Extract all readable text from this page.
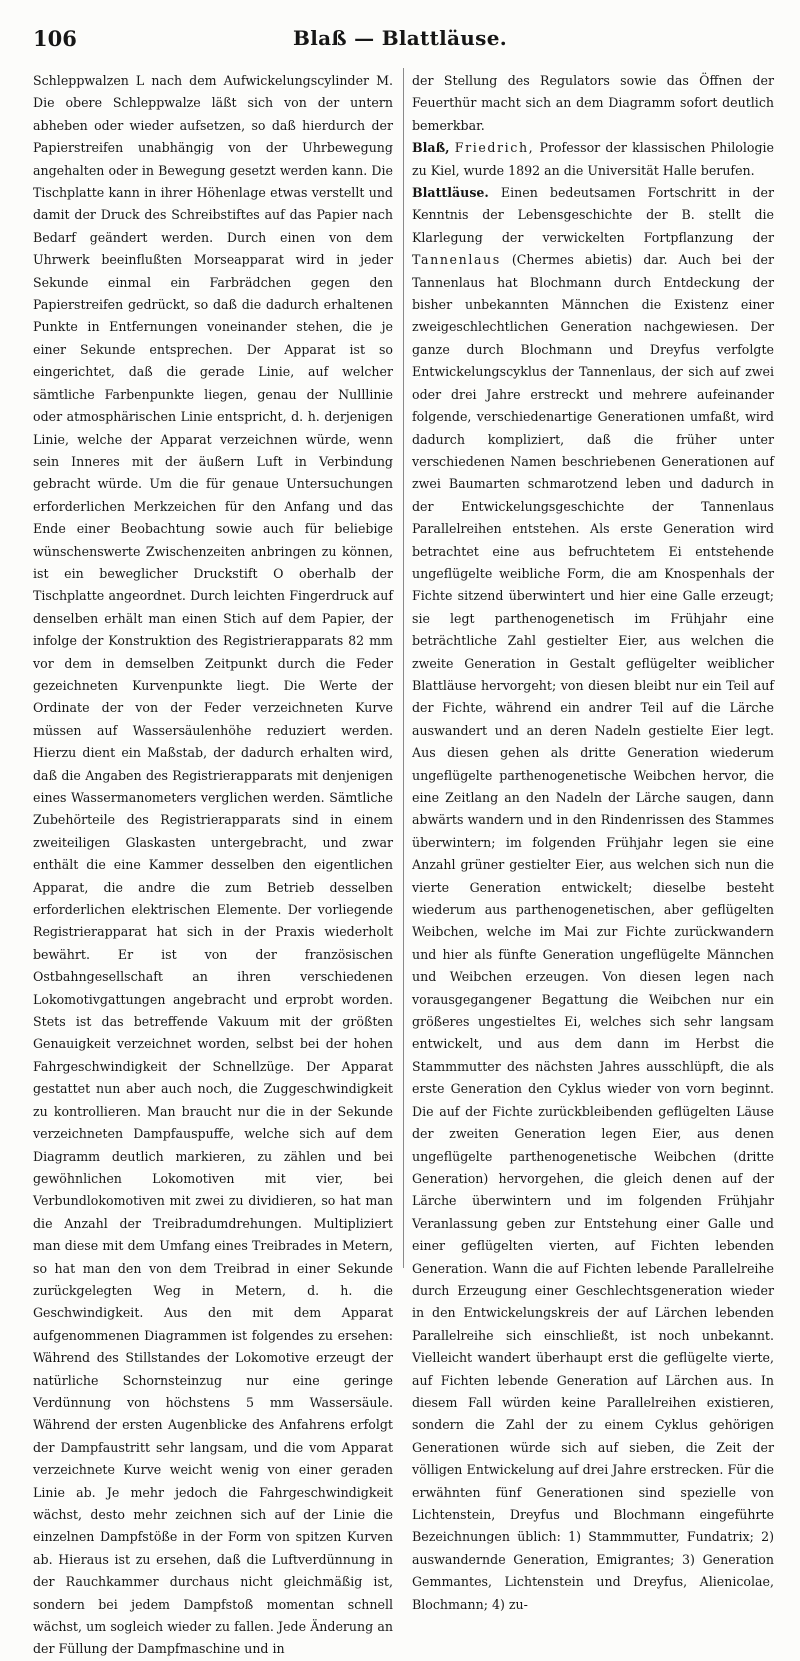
106	Blaß — Blattläuse.

Schleppwalzen L nach dem Aufwickelungscylinder M. Die obere Schleppwalze läßt sich von der untern abheben oder wieder aufsetzen, so daß hierdurch der Papierstreifen unabhängig von der Uhrbewegung angehalten oder in Bewegung gesetzt werden kann. Die Tischplatte kann in ihrer Höhenlage etwas verstellt und damit der Druck des Schreibstiftes auf das Papier nach Bedarf geändert werden. Durch einen von dem Uhrwerk beeinflußten Morseapparat wird in jeder Sekunde einmal ein Farbrädchen gegen den Papierstreifen gedrückt, so daß die dadurch erhaltenen Punkte in Entfernungen voneinander stehen, die je einer Sekunde entsprechen. Der Apparat ist so eingerichtet, daß die gerade Linie, auf welcher sämtliche Farbenpunkte liegen, genau der Nulllinie oder atmosphärischen Linie entspricht, d. h. derjenigen Linie, welche der Apparat verzeichnen würde, wenn sein Inneres mit der äußern Luft in Verbindung gebracht würde. Um die für genaue Untersuchungen erforderlichen Merkzeichen für den Anfang und das Ende einer Beobachtung sowie auch für beliebige wünschenswerte Zwischenzeiten anbringen zu können, ist ein beweglicher Druckstift O oberhalb der Tischplatte angeordnet. Durch leichten Fingerdruck auf denselben erhält man einen Stich auf dem Papier, der infolge der Konstruktion des Registrierapparats 82 mm vor dem in demselben Zeitpunkt durch die Feder gezeichneten Kurvenpunkte liegt. Die Werte der Ordinate der von der Feder verzeichneten Kurve müssen auf Wassersäulenhöhe reduziert werden. Hierzu dient ein Maßstab, der dadurch erhalten wird, daß die Angaben des Registrierapparats mit denjenigen eines Wassermanometers verglichen werden. Sämtliche Zubehörteile des Registrierapparats sind in einem zweiteiligen Glaskasten untergebracht, und zwar enthält die eine Kammer desselben den eigentlichen Apparat, die andre die zum Betrieb desselben erforderlichen elektrischen Elemente. Der vorliegende Registrierapparat hat sich in der Praxis wiederholt bewährt. Er ist von der französischen Ostbahngesellschaft an ihren verschiedenen Lokomotivgattungen angebracht und erprobt worden. Stets ist das betreffende Vakuum mit der größten Genauigkeit verzeichnet worden, selbst bei der hohen Fahrgeschwindigkeit der Schnellzüge. Der Apparat gestattet nun aber auch noch, die Zuggeschwindigkeit zu kontrollieren. Man braucht nur die in der Sekunde verzeichneten Dampfauspuffe, welche sich auf dem Diagramm deutlich markieren, zu zählen und bei gewöhnlichen Lokomotiven mit vier, bei Verbundlokomotiven mit zwei zu dividieren, so hat man die Anzahl der Treibradumdrehungen. Multipliziert man diese mit dem Umfang eines Treibrades in Metern, so hat man den von dem Treibrad in einer Sekunde zurückgelegten Weg in Metern, d. h. die Geschwindigkeit. Aus den mit dem Apparat aufgenommenen Diagrammen ist folgendes zu ersehen: Während des Stillstandes der Lokomotive erzeugt der natürliche Schornsteinzug nur eine geringe Verdünnung von höchstens 5 mm Wassersäule. Während der ersten Augenblicke des Anfahrens erfolgt der Dampfaustritt sehr langsam, und die vom Apparat verzeichnete Kurve weicht wenig von einer geraden Linie ab. Je mehr jedoch die Fahrgeschwindigkeit wächst, desto mehr zeichnen sich auf der Linie die einzelnen Dampfstöße in der Form von spitzen Kurven ab. Hieraus ist zu ersehen, daß die Luftverdünnung in der Rauchkammer durchaus nicht gleichmäßig ist, sondern bei jedem Dampfstoß momentan schnell wächst, um sogleich wieder zu fallen. Jede Änderung an der Füllung der Dampfmaschine und in

der Stellung des Regulators sowie das Öffnen der Feuerthür macht sich an dem Diagramm sofort deutlich bemerkbar.

Blaß, Friedrich, Professor der klassischen Philologie zu Kiel, wurde 1892 an die Universität Halle berufen.

Blattläuse. Einen bedeutsamen Fortschritt in der Kenntnis der Lebensgeschichte der B. stellt die Klarlegung der verwickelten Fortpflanzung der Tannenlaus (Chermes abietis) dar. Auch bei der Tannenlaus hat Blochmann durch Entdeckung der bisher unbekannten Männchen die Existenz einer zweigeschlechtlichen Generation nachgewiesen. Der ganze durch Blochmann und Dreyfus verfolgte Entwickelungscyklus der Tannenlaus, der sich auf zwei oder drei Jahre erstreckt und mehrere aufeinander folgende, verschiedenartige Generationen umfaßt, wird dadurch kompliziert, daß die früher unter verschiedenen Namen beschriebenen Generationen auf zwei Baumarten schmarotzend leben und dadurch in der Entwickelungsgeschichte der Tannenlaus Parallelreihen entstehen. Als erste Generation wird betrachtet eine aus befruchtetem Ei entstehende ungeflügelte weibliche Form, die am Knospenhals der Fichte sitzend überwintert und hier eine Galle erzeugt; sie legt parthenogenetisch im Frühjahr eine beträchtliche Zahl gestielter Eier, aus welchen die zweite Generation in Gestalt geflügelter weiblicher Blattläuse hervorgeht; von diesen bleibt nur ein Teil auf der Fichte, während ein andrer Teil auf die Lärche auswandert und an deren Nadeln gestielte Eier legt. Aus diesen gehen als dritte Generation wiederum ungeflügelte parthenogenetische Weibchen hervor, die eine Zeitlang an den Nadeln der Lärche saugen, dann abwärts wandern und in den Rindenrissen des Stammes überwintern; im folgenden Frühjahr legen sie eine Anzahl grüner gestielter Eier, aus welchen sich nun die vierte Generation entwickelt; dieselbe besteht wiederum aus parthenogenetischen, aber geflügelten Weibchen, welche im Mai zur Fichte zurückwandern und hier als fünfte Generation ungeflügelte Männchen und Weibchen erzeugen. Von diesen legen nach vorausgegangener Begattung die Weibchen nur ein größeres ungestieltes Ei, welches sich sehr langsam entwickelt, und aus dem dann im Herbst die Stammmutter des nächsten Jahres ausschlüpft, die als erste Generation den Cyklus wieder von vorn beginnt. Die auf der Fichte zurückbleibenden geflügelten Läuse der zweiten Generation legen Eier, aus denen ungeflügelte parthenogenetische Weibchen (dritte Generation) hervorgehen, die gleich denen auf der Lärche überwintern und im folgenden Frühjahr Veranlassung geben zur Entstehung einer Galle und einer geflügelten vierten, auf Fichten lebenden Generation. Wann die auf Fichten lebende Parallelreihe durch Erzeugung einer Geschlechtsgeneration wieder in den Entwickelungskreis der auf Lärchen lebenden Parallelreihe sich einschließt, ist noch unbekannt. Vielleicht wandert überhaupt erst die geflügelte vierte, auf Fichten lebende Generation auf Lärchen aus. In diesem Fall würden keine Parallelreihen existieren, sondern die Zahl der zu einem Cyklus gehörigen Generationen würde sich auf sieben, die Zeit der völligen Entwickelung auf drei Jahre erstrecken. Für die erwähnten fünf Generationen sind spezielle von Lichtenstein, Dreyfus und Blochmann eingeführte Bezeichnungen üblich: 1) Stammmutter, Fundatrix; 2) auswandernde Generation, Emigrantes; 3) Generation Gemmantes, Lichtenstein und Dreyfus, Alienicolae, Blochmann; 4) zu-
